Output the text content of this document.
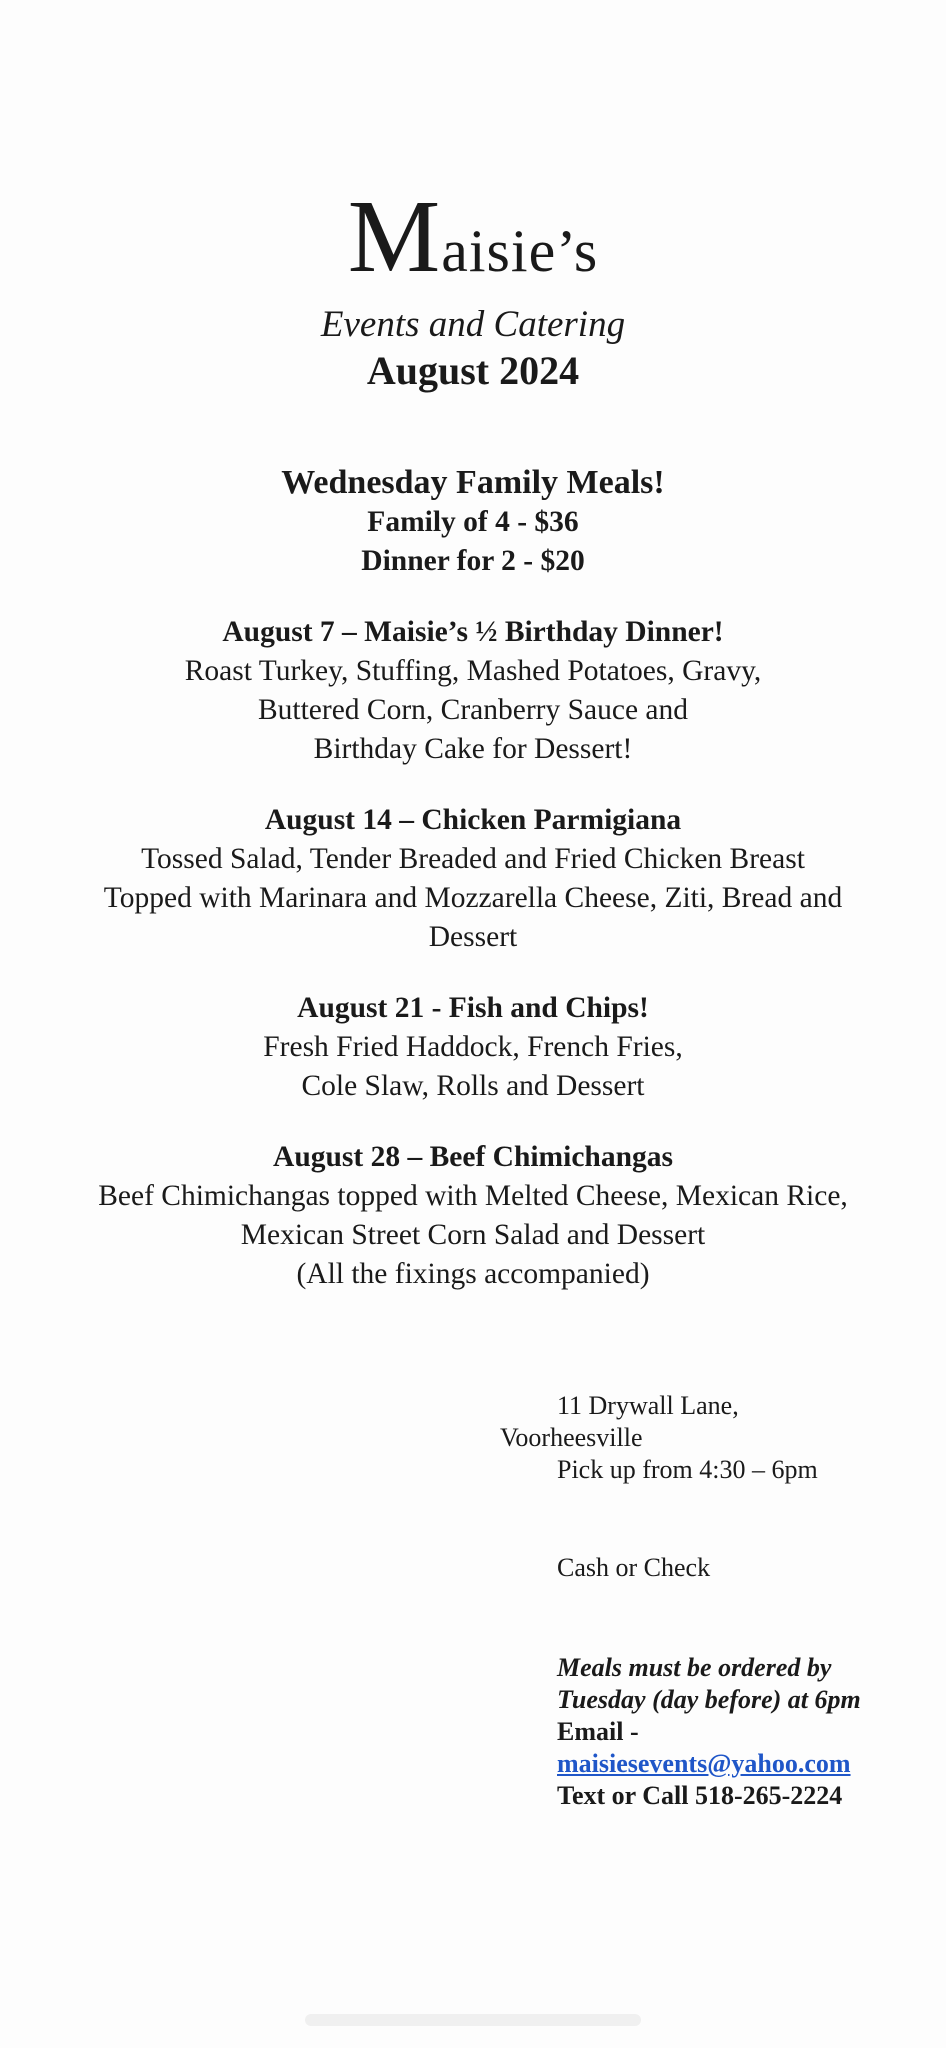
Maisie’s
Events and Catering
August 2024
Wednesday Family Meals!
Family of 4 - $36
Dinner for 2 - $20
August 7 – Maisie’s ½ Birthday Dinner!
Roast Turkey, Stuffing, Mashed Potatoes, Gravy,
Buttered Corn, Cranberry Sauce and
Birthday Cake for Dessert!
August 14 – Chicken Parmigiana
Tossed Salad, Tender Breaded and Fried Chicken Breast
Topped with Marinara and Mozzarella Cheese, Ziti, Bread and
Dessert
August 21 - Fish and Chips!
Fresh Fried Haddock, French Fries,
Cole Slaw, Rolls and Dessert
August 28 – Beef Chimichangas
Beef Chimichangas topped with Melted Cheese, Mexican Rice,
Mexican Street Corn Salad and Dessert
(All the fixings accompanied)
11 Drywall Lane,
Voorheesville
Pick up from 4:30 – 6pm
Cash or Check
Meals must be ordered by
Tuesday (day before) at 6pm
Email -
maisiesevents@yahoo.com
Text or Call 518-265-2224
